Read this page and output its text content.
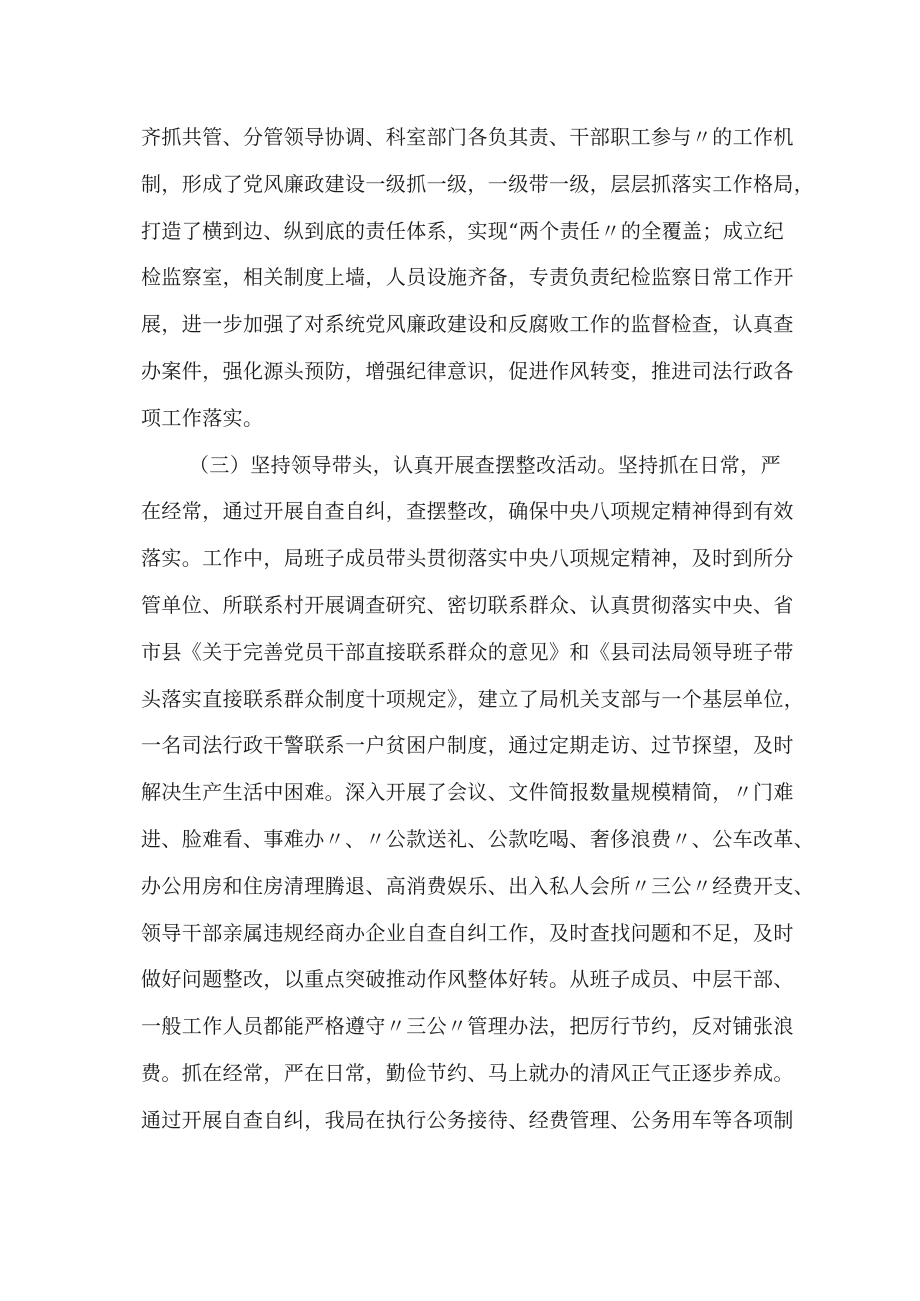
齐抓共管、分管领导协调、科室部门各负其责、干部职工参与〃的工作机
制，形成了党风廉政建设一级抓一级，一级带一级，层层抓落实工作格局，
打造了横到边、纵到底的责任体系，实现“两个责任〃的全覆盖；成立纪
检监察室，相关制度上墙，人员设施齐备，专责负责纪检监察日常工作开
展，进一步加强了对系统党风廉政建设和反腐败工作的监督检查，认真查
办案件，强化源头预防，增强纪律意识，促进作风转变，推进司法行政各
项工作落实。
（三）坚持领导带头，认真开展查摆整改活动。坚持抓在日常，严
在经常，通过开展自查自纠，查摆整改，确保中央八项规定精神得到有效
落实。工作中，局班子成员带头贯彻落实中央八项规定精神，及时到所分
管单位、所联系村开展调查研究、密切联系群众、认真贯彻落实中央、省
市县《关于完善党员干部直接联系群众的意见》和《县司法局领导班子带
头落实直接联系群众制度十项规定》，建立了局机关支部与一个基层单位，
一名司法行政干警联系一户贫困户制度，通过定期走访、过节探望，及时
解决生产生活中困难。深入开展了会议、文件简报数量规模精简，〃门难
进、脸难看、事难办〃、〃公款送礼、公款吃喝、奢侈浪费〃、公车改革、
办公用房和住房清理腾退、高消费娱乐、出入私人会所〃三公〃经费开支、
领导干部亲属违规经商办企业自查自纠工作，及时查找问题和不足，及时
做好问题整改，以重点突破推动作风整体好转。从班子成员、中层干部、
一般工作人员都能严格遵守〃三公〃管理办法，把厉行节约，反对铺张浪
费。抓在经常，严在日常，勤俭节约、马上就办的清风正气正逐步养成。
通过开展自查自纠，我局在执行公务接待、经费管理、公务用车等各项制
